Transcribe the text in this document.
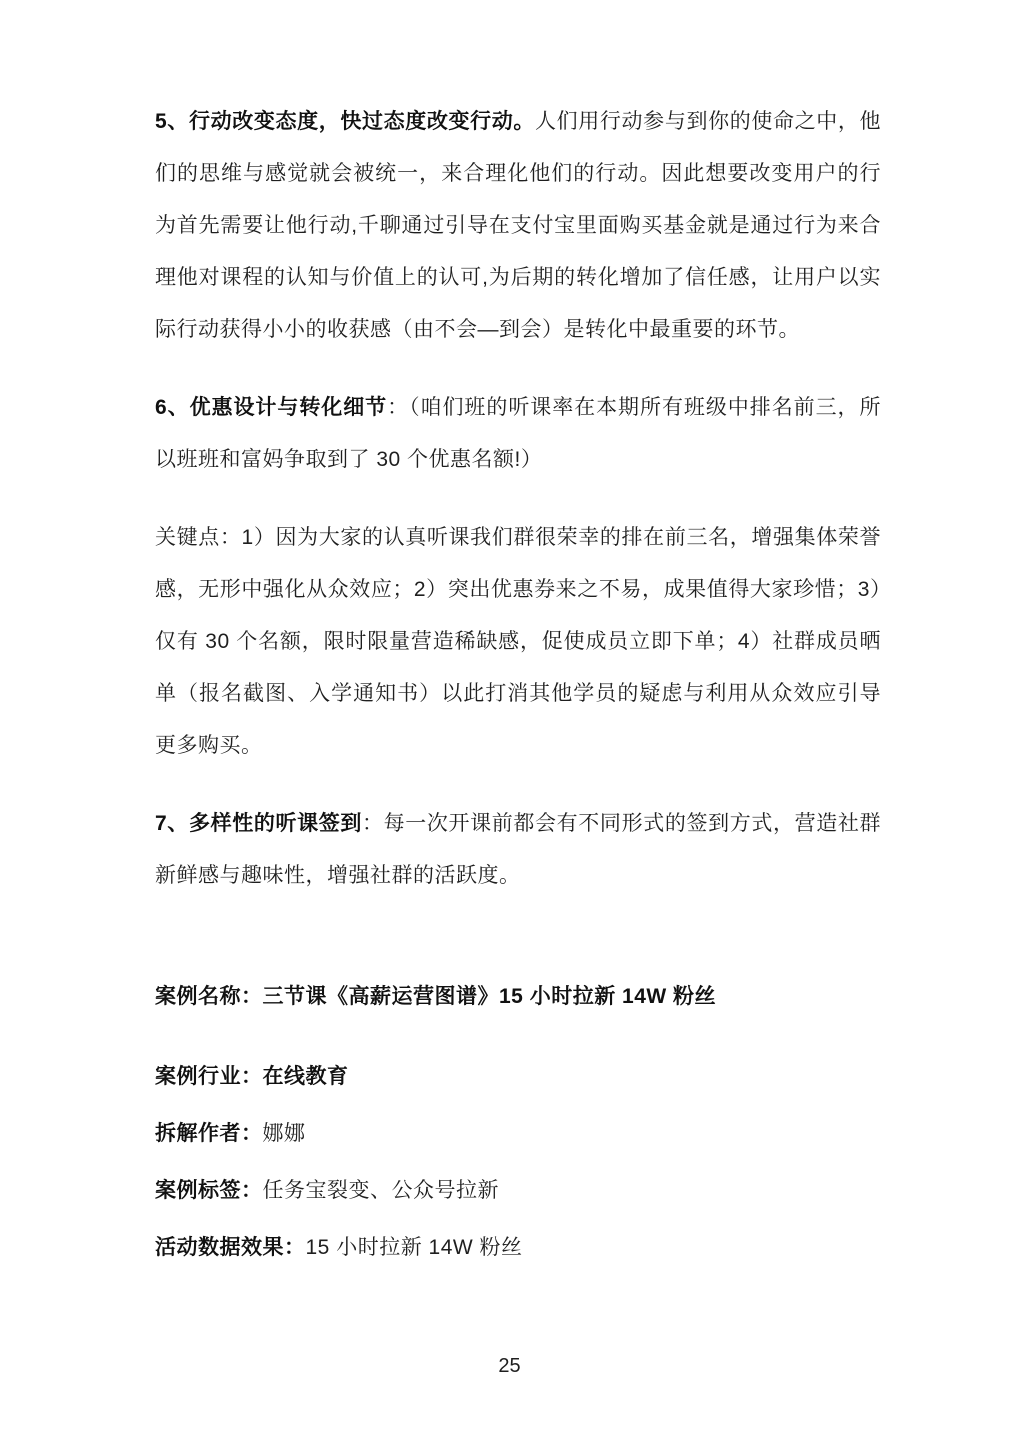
5、行动改变态度，快过态度改变行动。人们用行动参与到你的使命之中，他们的思维与感觉就会被统一，来合理化他们的行动。因此想要改变用户的行为首先需要让他行动,千聊通过引导在支付宝里面购买基金就是通过行为来合理他对课程的认知与价值上的认可,为后期的转化增加了信任感，让用户以实际行动获得小小的收获感（由不会—到会）是转化中最重要的环节。

6、优惠设计与转化细节：（咱们班的听课率在本期所有班级中排名前三，所以班班和富妈争取到了 30 个优惠名额!）

关键点：1）因为大家的认真听课我们群很荣幸的排在前三名，增强集体荣誉感，无形中强化从众效应；2）突出优惠券来之不易，成果值得大家珍惜；3）仅有 30 个名额，限时限量营造稀缺感，促使成员立即下单；4）社群成员晒单（报名截图、入学通知书）以此打消其他学员的疑虑与利用从众效应引导更多购买。

7、多样性的听课签到：每一次开课前都会有不同形式的签到方式，营造社群新鲜感与趣味性，增强社群的活跃度。

案例名称：三节课《高薪运营图谱》15 小时拉新 14W 粉丝

案例行业：在线教育

拆解作者：娜娜

案例标签：任务宝裂变、公众号拉新

活动数据效果：15 小时拉新 14W 粉丝

25
